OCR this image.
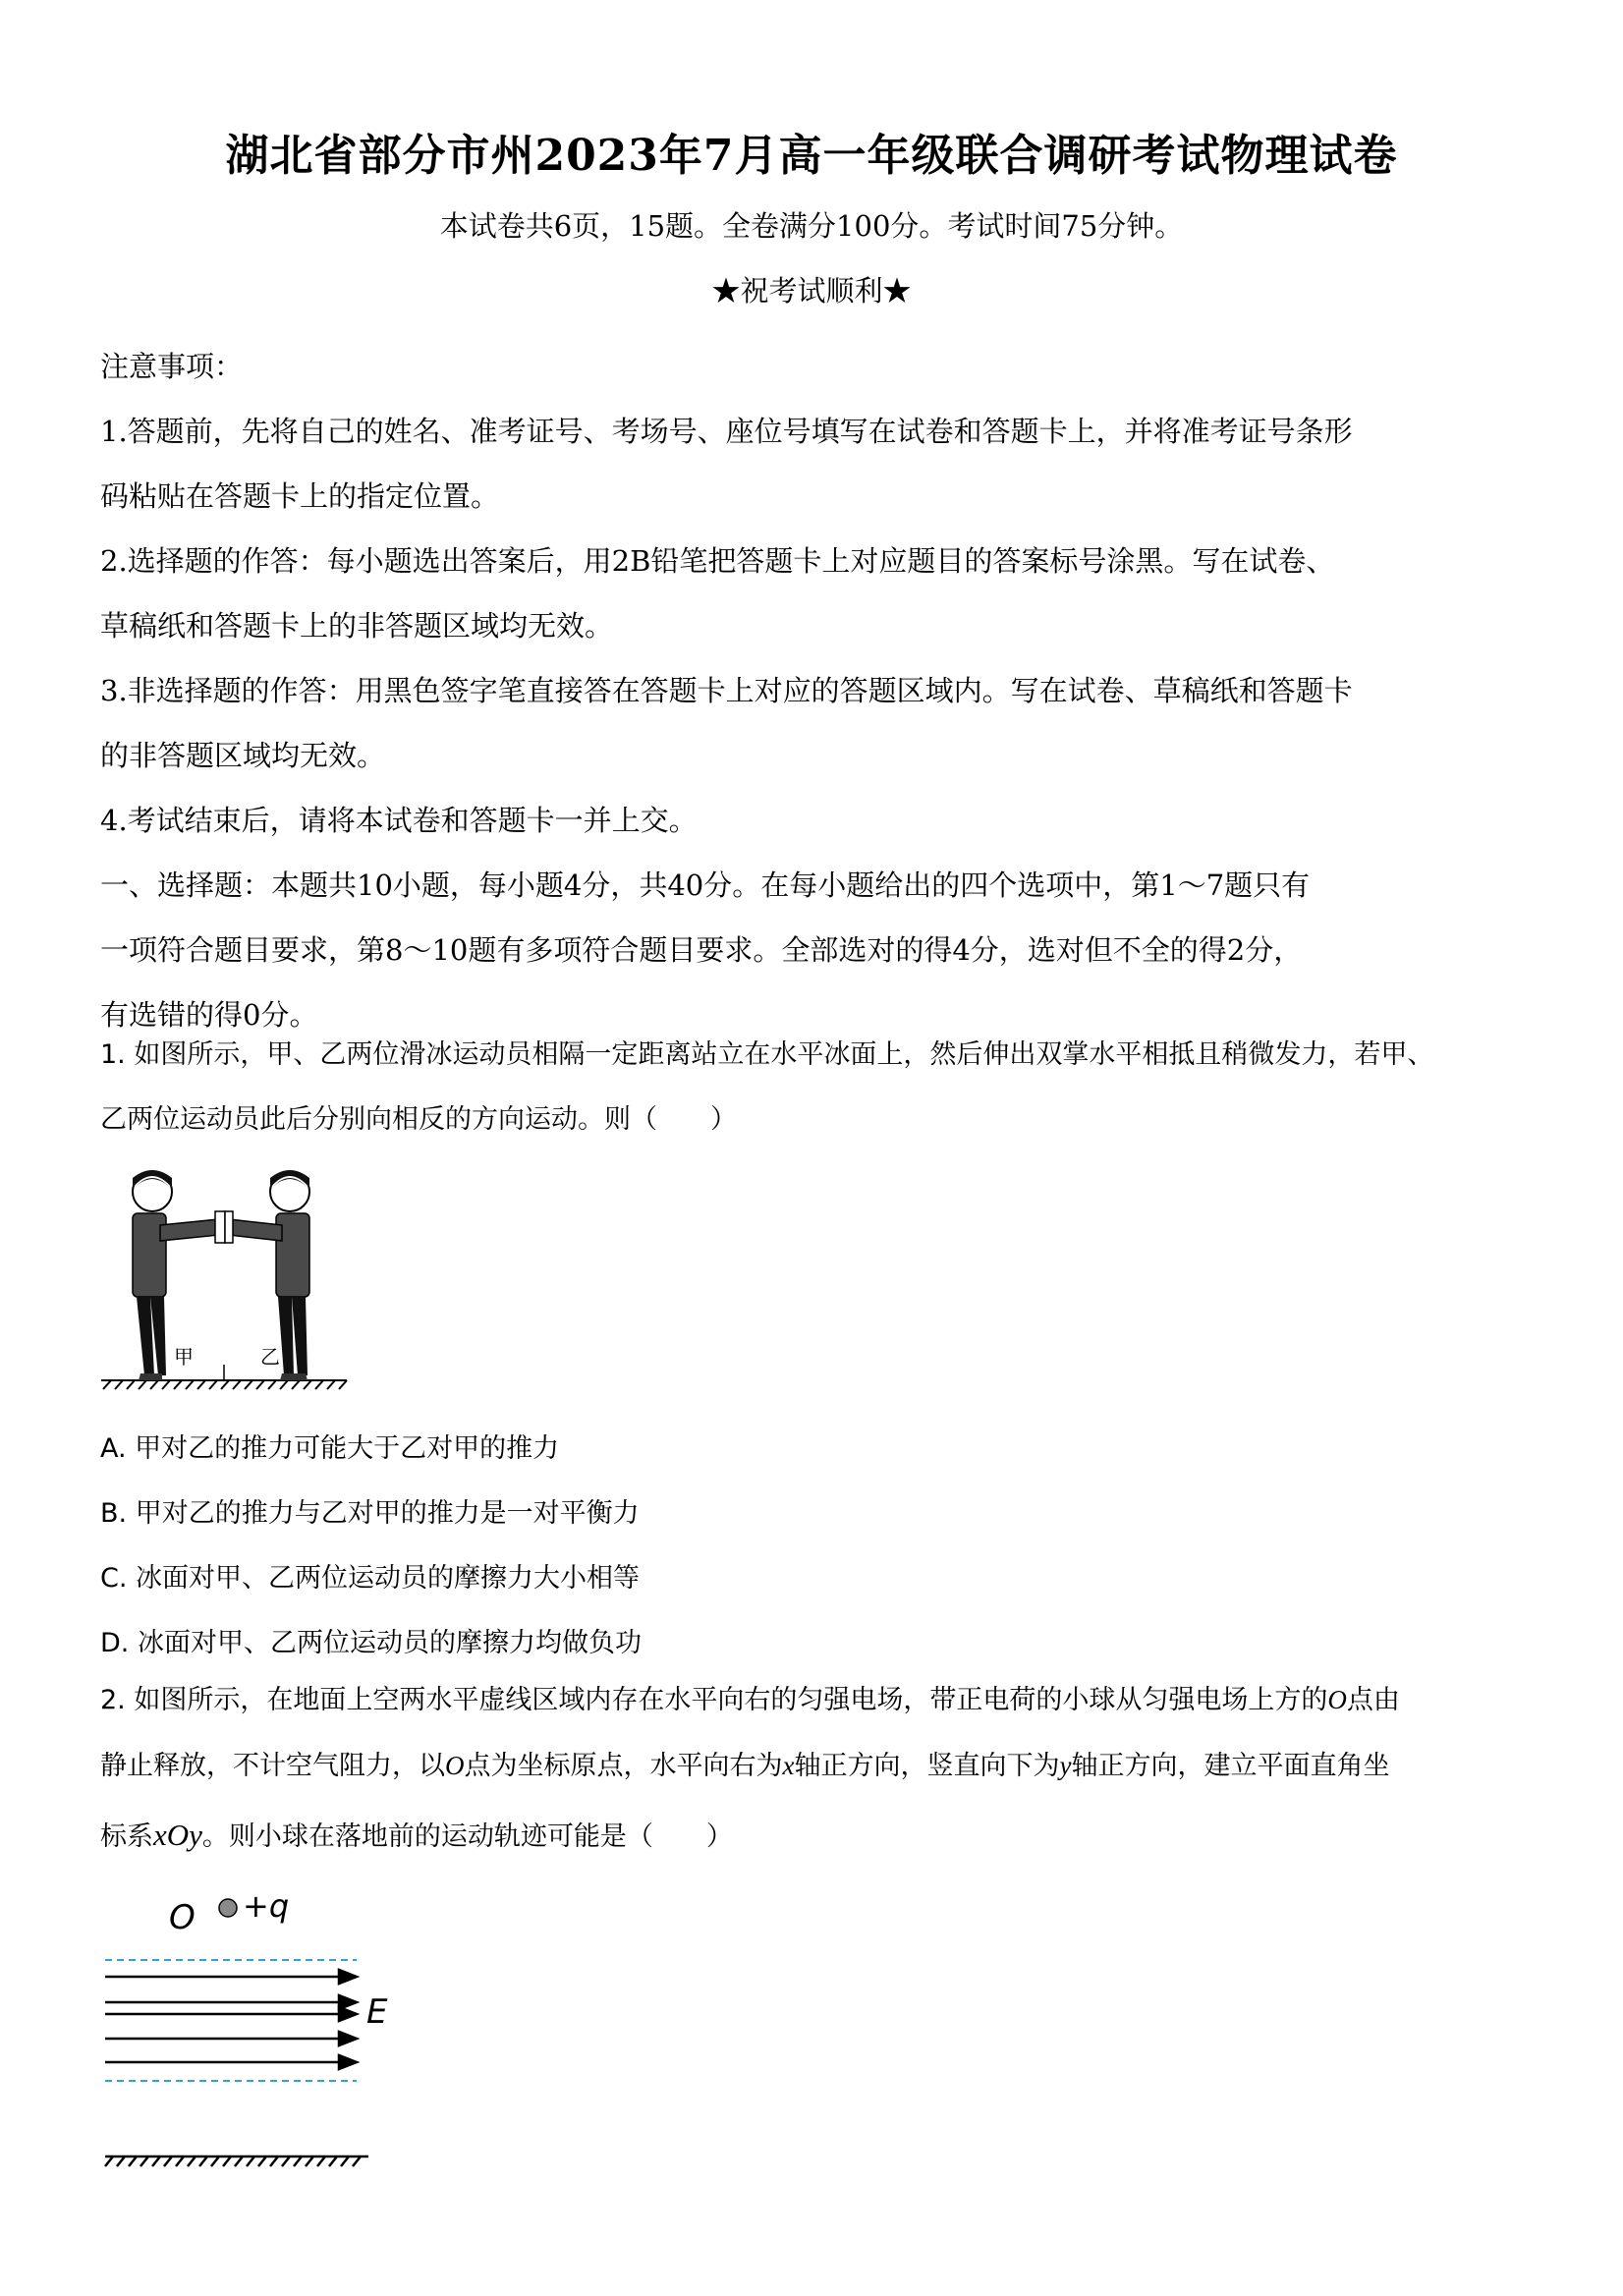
湖北省部分市州2023年7月高一年级联合调研考试物理试卷
本试卷共6页，15题。全卷满分100分。考试时间75分钟。
★祝考试顺利★

注意事项：

1.答题前，先将自己的姓名、准考证号、考场号、座位号填写在试卷和答题卡上，并将准考证号条形

码粘贴在答题卡上的指定位置。

2.选择题的作答：每小题选出答案后，用2B铅笔把答题卡上对应题目的答案标号涂黑。写在试卷、

草稿纸和答题卡上的非答题区域均无效。

3.非选择题的作答：用黑色签字笔直接答在答题卡上对应的答题区域内。写在试卷、草稿纸和答题卡

的非答题区域均无效。

4.考试结束后，请将本试卷和答题卡一并上交。

一、选择题：本题共10小题，每小题4分，共40分。在每小题给出的四个选项中，第1～7题只有

一项符合题目要求，第8～10题有多项符合题目要求。全部选对的得4分，选对但不全的得2分，

有选错的得0分。

1. 如图所示，甲、乙两位滑冰运动员相隔一定距离站立在水平冰面上，然后伸出双掌水平相抵且稍微发力，若甲、

乙两位运动员此后分别向相反的方向运动。则（　　）

甲	乙
A. 甲对乙的推力可能大于乙对甲的推力
B. 甲对乙的推力与乙对甲的推力是一对平衡力
C. 冰面对甲、乙两位运动员的摩擦力大小相等
D. 冰面对甲、乙两位运动员的摩擦力均做负功

2. 如图所示，在地面上空两水平虚线区域内存在水平向右的匀强电场，带正电荷的小球从匀强电场上方的O点由

静止释放，不计空气阻力，以O点为坐标原点，水平向右为x轴正方向，竖直向下为y轴正方向，建立平面直角坐

标系xOy。则小球在落地前的运动轨迹可能是（　　）

O +q
E
